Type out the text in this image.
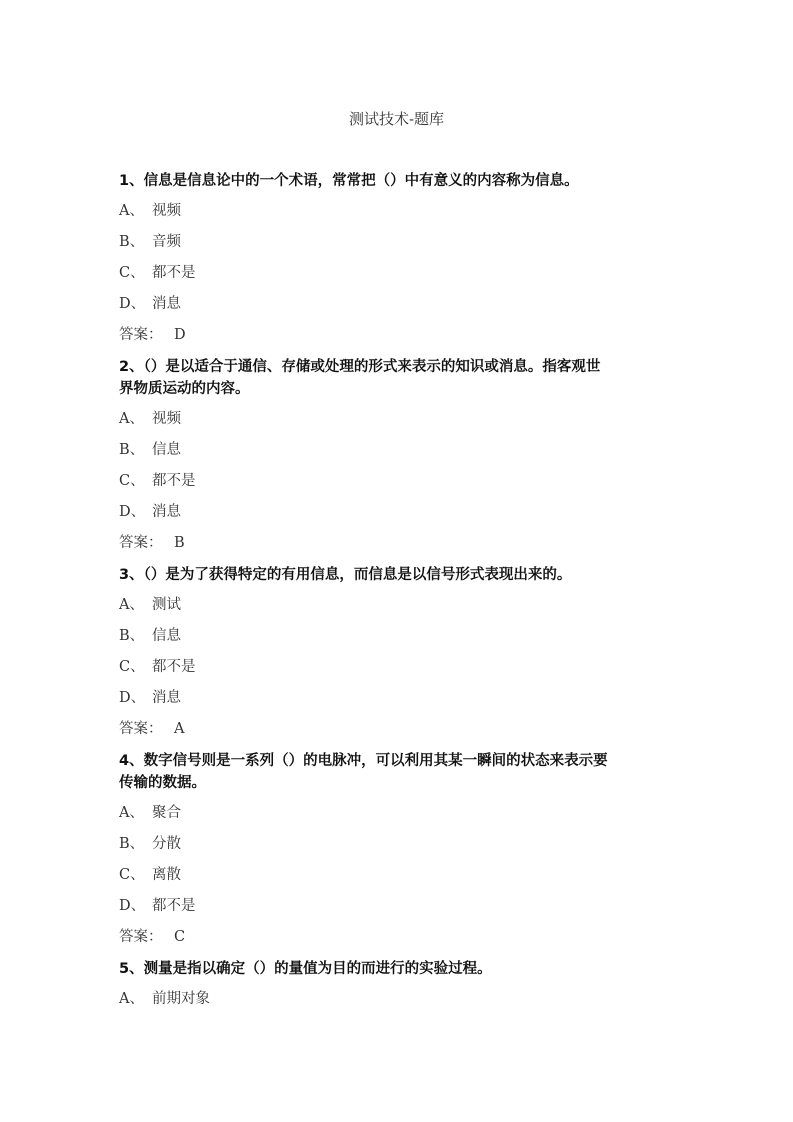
测试技术-题库
1、信息是信息论中的一个术语，常常把（）中有意义的内容称为信息。
A、 视频
B、 音频
C、 都不是
D、 消息
答案： D
2、（）是以适合于通信、存储或处理的形式来表示的知识或消息。指客观世
界物质运动的内容。
A、 视频
B、 信息
C、 都不是
D、 消息
答案： B
3、（）是为了获得特定的有用信息，而信息是以信号形式表现出来的。
A、 测试
B、 信息
C、 都不是
D、 消息
答案： A
4、数字信号则是一系列（）的电脉冲，可以利用其某一瞬间的状态来表示要
传输的数据。
A、 聚合
B、 分散
C、 离散
D、 都不是
答案： C
5、测量是指以确定（）的量值为目的而进行的实验过程。
A、 前期对象
